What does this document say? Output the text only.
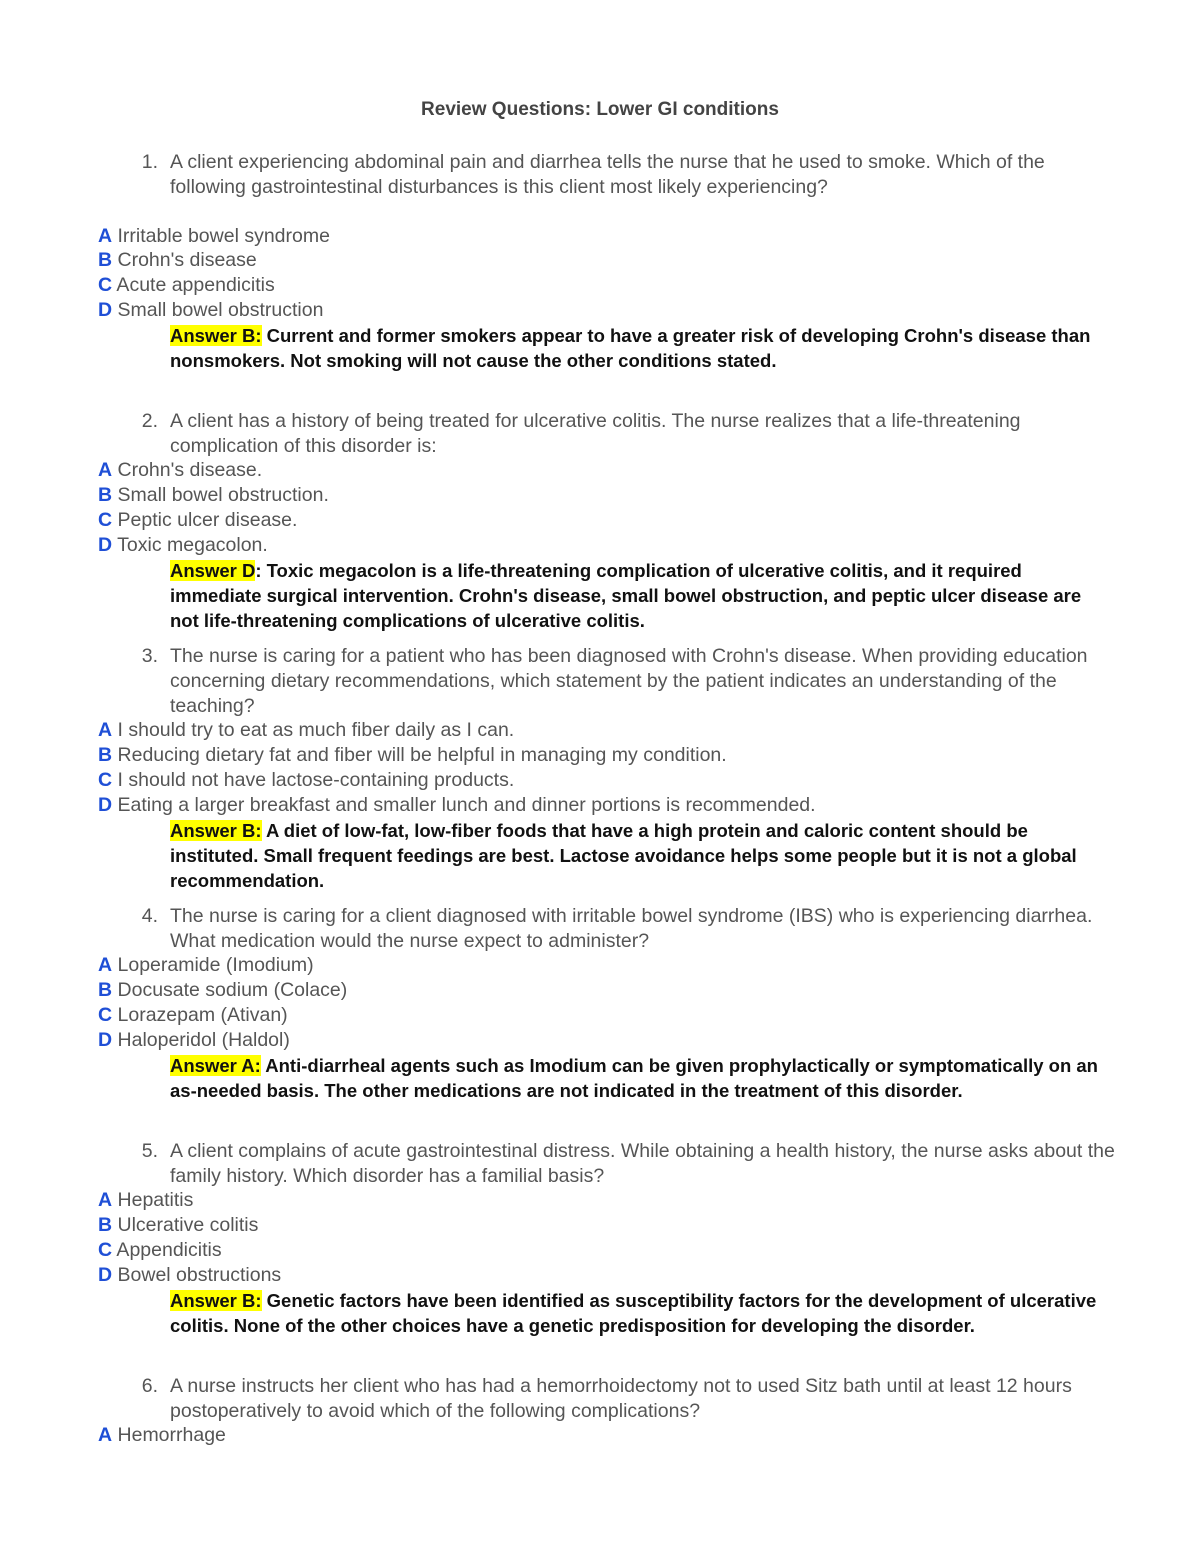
Review Questions: Lower GI conditions
1. A client experiencing abdominal pain and diarrhea tells the nurse that he used to smoke. Which of the following gastrointestinal disturbances is this client most likely experiencing?
A Irritable bowel syndrome
B Crohn's disease
C Acute appendicitis
D Small bowel obstruction
Answer B: Current and former smokers appear to have a greater risk of developing Crohn's disease than nonsmokers. Not smoking will not cause the other conditions stated.
2. A client has a history of being treated for ulcerative colitis. The nurse realizes that a life-threatening complication of this disorder is:
A Crohn's disease.
B Small bowel obstruction.
C Peptic ulcer disease.
D Toxic megacolon.
Answer D: Toxic megacolon is a life-threatening complication of ulcerative colitis, and it required immediate surgical intervention. Crohn's disease, small bowel obstruction, and peptic ulcer disease are not life-threatening complications of ulcerative colitis.
3. The nurse is caring for a patient who has been diagnosed with Crohn's disease. When providing education concerning dietary recommendations, which statement by the patient indicates an understanding of the teaching?
A I should try to eat as much fiber daily as I can.
B Reducing dietary fat and fiber will be helpful in managing my condition.
C I should not have lactose-containing products.
D Eating a larger breakfast and smaller lunch and dinner portions is recommended.
Answer B: A diet of low-fat, low-fiber foods that have a high protein and caloric content should be instituted. Small frequent feedings are best. Lactose avoidance helps some people but it is not a global recommendation.
4. The nurse is caring for a client diagnosed with irritable bowel syndrome (IBS) who is experiencing diarrhea. What medication would the nurse expect to administer?
A Loperamide (Imodium)
B Docusate sodium (Colace)
C Lorazepam (Ativan)
D Haloperidol (Haldol)
Answer A: Anti-diarrheal agents such as Imodium can be given prophylactically or symptomatically on an as-needed basis. The other medications are not indicated in the treatment of this disorder.
5. A client complains of acute gastrointestinal distress. While obtaining a health history, the nurse asks about the family history. Which disorder has a familial basis?
A Hepatitis
B Ulcerative colitis
C Appendicitis
D Bowel obstructions
Answer B: Genetic factors have been identified as susceptibility factors for the development of ulcerative colitis. None of the other choices have a genetic predisposition for developing the disorder.
6. A nurse instructs her client who has had a hemorrhoidectomy not to used Sitz bath until at least 12 hours postoperatively to avoid which of the following complications?
A Hemorrhage
